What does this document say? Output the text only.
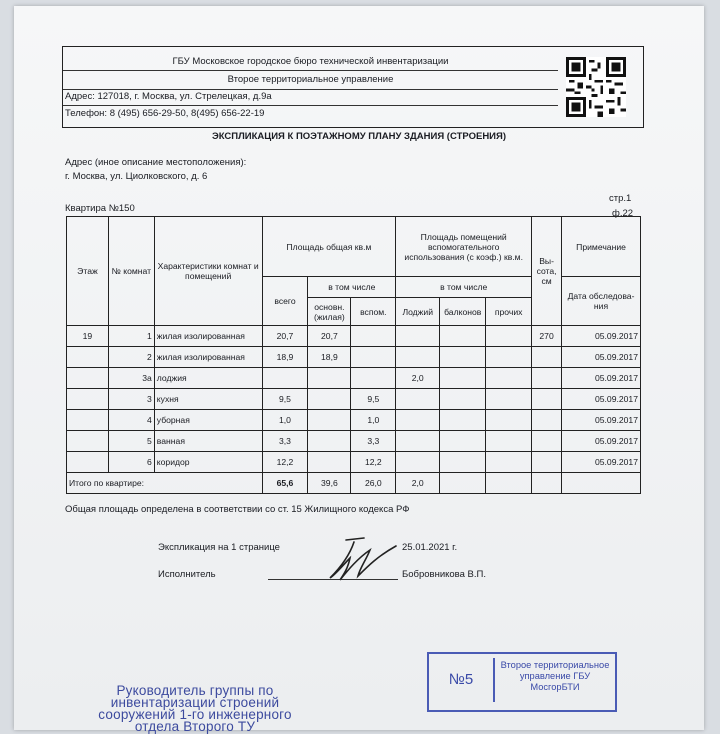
ГБУ Московское городское бюро технической инвентаризации
Второе территориальное управление
Адрес: 127018, г. Москва, ул. Стрелецкая, д.9а
Телефон: 8 (495) 656-29-50, 8(495) 656-22-19
ЭКСПЛИКАЦИЯ К ПОЭТАЖНОМУ ПЛАНУ ЗДАНИЯ (СТРОЕНИЯ)
Адрес (иное описание местоположения):
г. Москва, ул. Циолковского, д. 6
Квартира №150
стр.1
ф.22
Этаж	№ комнат	Характеристики комнат и помещений	Площадь общая кв.м			Площадь помещений вспомогательного использования (с коэф.) кв.м.			Вы-сота, см	Примечание
			всего	в том числе		в том числе				Дата обследова-ния
				основн. (жилая)	вспом.	Лоджий	балконов	прочих		
19	1	жилая изолированная	20,7	20,7					270	05.09.2017
	2	жилая изолированная	18,9	18,9						05.09.2017
	3а	лоджия				2,0				05.09.2017
	3	кухня	9,5		9,5					05.09.2017
	4	уборная	1,0		1,0					05.09.2017
	5	ванная	3,3		3,3					05.09.2017
	6	коридор	12,2		12,2					05.09.2017
Итого по квартире:			65,6	39,6	26,0	2,0				
Общая площадь определена в соответствии со ст. 15 Жилищного кодекса РФ
Экспликация на 1 странице	25.01.2021 г.
Исполнитель	Бобровникова В.П.
№5
Второе территориальное управление ГБУ МосгорБТИ
Руководитель группы по инвентаризации строений сооружений 1-го инженерного отдела Второго ТУ
